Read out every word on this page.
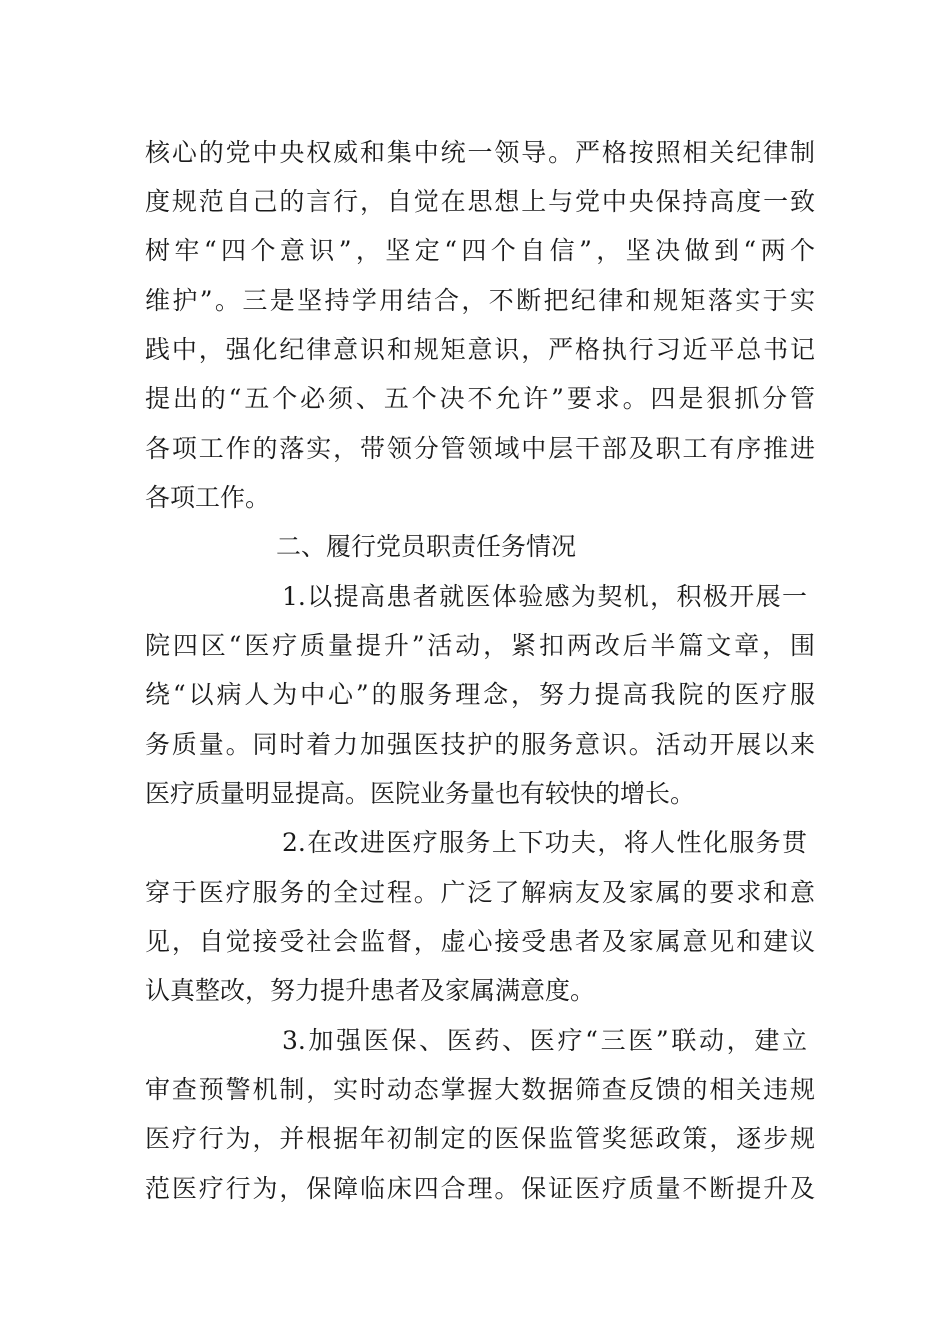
核心的党中央权威和集中统一领导。严格按照相关纪律制
度规范自己的言行，自觉在思想上与党中央保持高度一致
树牢“四个意识”，坚定“四个自信”，坚决做到“两个
维护”。三是坚持学用结合，不断把纪律和规矩落实于实
践中，强化纪律意识和规矩意识，严格执行习近平总书记
提出的“五个必须、五个决不允许”要求。四是狠抓分管
各项工作的落实，带领分管领域中层干部及职工有序推进
各项工作。
二、履行党员职责任务情况
1.以提高患者就医体验感为契机，积极开展一
院四区“医疗质量提升”活动，紧扣两改后半篇文章，围
绕“以病人为中心”的服务理念，努力提高我院的医疗服
务质量。同时着力加强医技护的服务意识。活动开展以来
医疗质量明显提高。医院业务量也有较快的增长。
2.在改进医疗服务上下功夫，将人性化服务贯
穿于医疗服务的全过程。广泛了解病友及家属的要求和意
见，自觉接受社会监督，虚心接受患者及家属意见和建议
认真整改，努力提升患者及家属满意度。
3.加强医保、医药、医疗“三医”联动，建立
审查预警机制，实时动态掌握大数据筛查反馈的相关违规
医疗行为，并根据年初制定的医保监管奖惩政策，逐步规
范医疗行为，保障临床四合理。保证医疗质量不断提升及
